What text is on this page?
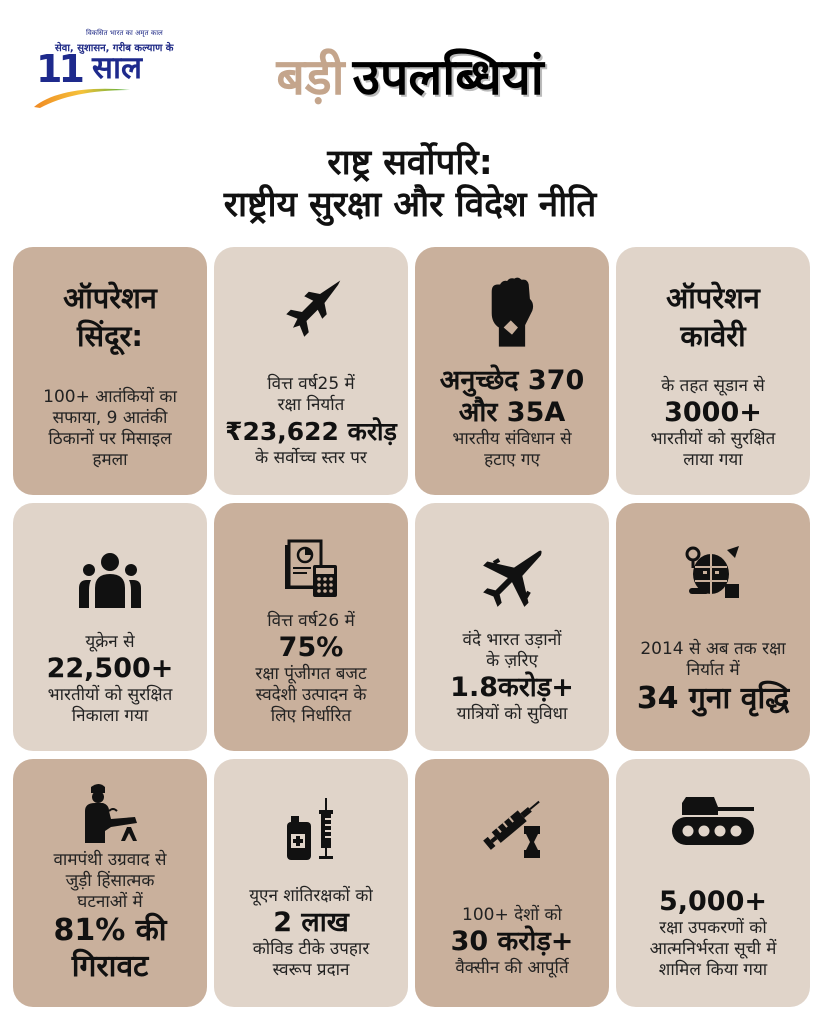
विकसित भारत का अमृत काल
सेवा, सुशासन, गरीब कल्याण के
11 साल	बड़ी उपलब्धियां
राष्ट्र सर्वोपरि:
राष्ट्रीय सुरक्षा और विदेश नीति
ऑपरेशन
सिंदूर:
100+ आतंकियों का
सफाया, 9 आतंकी
ठिकानों पर मिसाइल
हमला
वित्त वर्ष25 में
रक्षा निर्यात
₹23,622 करोड़
के सर्वोच्च स्तर पर
अनुच्छेद 370
और 35A
भारतीय संविधान से
हटाए गए
ऑपरेशन
कावेरी
के तहत सूडान से
3000+
भारतीयों को सुरक्षित
लाया गया
यूक्रेन से
22,500+
भारतीयों को सुरक्षित
निकाला गया
वित्त वर्ष26 में
75%
रक्षा पूंजीगत बजट
स्वदेशी उत्पादन के
लिए निर्धारित
वंदे भारत उड़ानों
के ज़रिए
1.8करोड़+
यात्रियों को सुविधा
2014 से अब तक रक्षा
निर्यात में
34 गुना वृद्धि
वामपंथी उग्रवाद से
जुड़ी हिंसात्मक
घटनाओं में
81% की
गिरावट
यूएन शांतिरक्षकों को
2 लाख
कोविड टीके उपहार
स्वरूप प्रदान
100+ देशों को
30 करोड़+
वैक्सीन की आपूर्ति
5,000+
रक्षा उपकरणों को
आत्मनिर्भरता सूची में
शामिल किया गया
